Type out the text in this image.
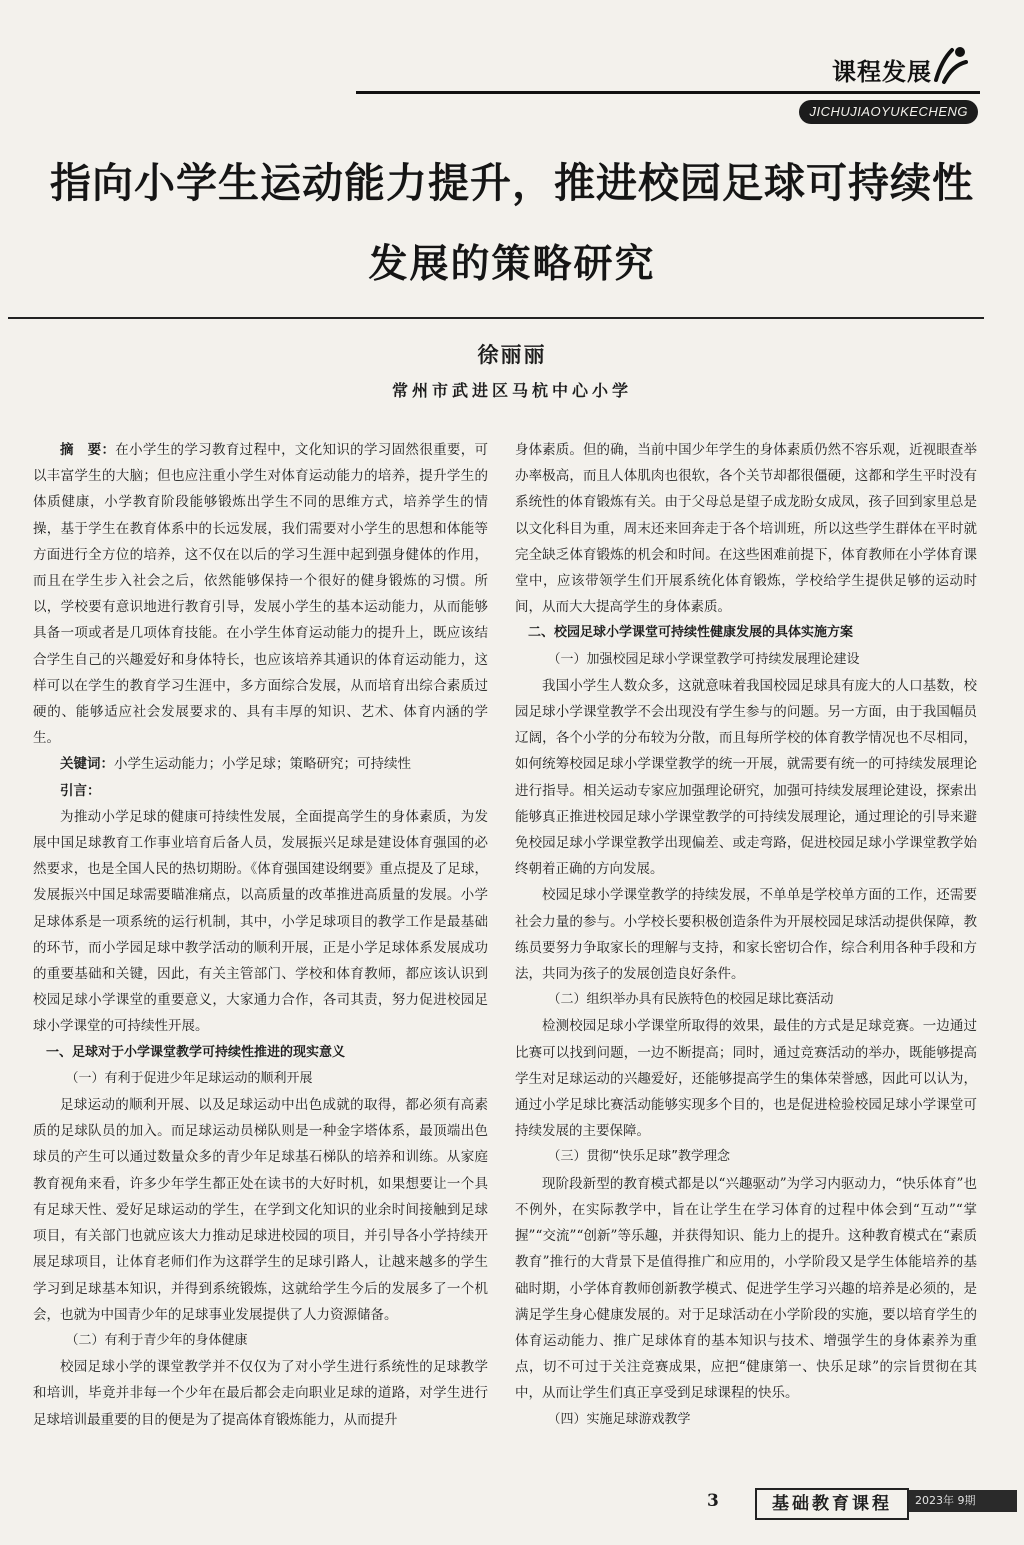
课程发展
JICHUJIAOYUKECHENG
指向小学生运动能力提升，推进校园足球可持续性
发展的策略研究
徐丽丽
常州市武进区马杭中心小学

摘　要：在小学生的学习教育过程中，文化知识的学习固然很重要，可以丰富学生的大脑；但也应注重小学生对体育运动能力的培养，提升学生的体质健康，小学教育阶段能够锻炼出学生不同的思维方式，培养学生的情操，基于学生在教育体系中的长远发展，我们需要对小学生的思想和体能等方面进行全方位的培养，这不仅在以后的学习生涯中起到强身健体的作用，而且在学生步入社会之后，依然能够保持一个很好的健身锻炼的习惯。所以，学校要有意识地进行教育引导，发展小学生的基本运动能力，从而能够具备一项或者是几项体育技能。在小学生体育运动能力的提升上，既应该结合学生自己的兴趣爱好和身体特长，也应该培养其通识的体育运动能力，这样可以在学生的教育学习生涯中，多方面综合发展，从而培育出综合素质过硬的、能够适应社会发展要求的、具有丰厚的知识、艺术、体育内涵的学生。

关键词：小学生运动能力；小学足球；策略研究；可持续性

引言：

为推动小学足球的健康可持续性发展，全面提高学生的身体素质，为发展中国足球教育工作事业培育后备人员，发展振兴足球是建设体育强国的必然要求，也是全国人民的热切期盼。《体育强国建设纲要》重点提及了足球，发展振兴中国足球需要瞄准痛点，以高质量的改革推进高质量的发展。小学足球体系是一项系统的运行机制，其中，小学足球项目的教学工作是最基础的环节，而小学园足球中教学活动的顺利开展，正是小学足球体系发展成功的重要基础和关键，因此，有关主管部门、学校和体育教师，都应该认识到校园足球小学课堂的重要意义，大家通力合作，各司其责，努力促进校园足球小学课堂的可持续性开展。

一、足球对于小学课堂教学可持续性推进的现实意义
（一）有利于促进少年足球运动的顺利开展

足球运动的顺利开展、以及足球运动中出色成就的取得，都必须有高素质的足球队员的加入。而足球运动员梯队则是一种金字塔体系，最顶端出色球员的产生可以通过数量众多的青少年足球基石梯队的培养和训练。从家庭教育视角来看，许多少年学生都正处在读书的大好时机，如果想要让一个具有足球天性、爱好足球运动的学生，在学到文化知识的业余时间接触到足球项目，有关部门也就应该大力推动足球进校园的项目，并引导各小学持续开展足球项目，让体育老师们作为这群学生的足球引路人，让越来越多的学生学习到足球基本知识，并得到系统锻炼，这就给学生今后的发展多了一个机会，也就为中国青少年的足球事业发展提供了人力资源储备。

（二）有利于青少年的身体健康

校园足球小学的课堂教学并不仅仅为了对小学生进行系统性的足球教学和培训，毕竟并非每一个少年在最后都会走向职业足球的道路，对学生进行足球培训最重要的目的便是为了提高体育锻炼能力，从而提升

身体素质。但的确，当前中国少年学生的身体素质仍然不容乐观，近视眼查举办率极高，而且人体肌肉也很软，各个关节却都很僵硬，这都和学生平时没有系统性的体育锻炼有关。由于父母总是望子成龙盼女成凤，孩子回到家里总是以文化科目为重，周末还来回奔走于各个培训班，所以这些学生群体在平时就完全缺乏体育锻炼的机会和时间。在这些困难前提下，体育教师在小学体育课堂中，应该带领学生们开展系统化体育锻炼，学校给学生提供足够的运动时间，从而大大提高学生的身体素质。

二、校园足球小学课堂可持续性健康发展的具体实施方案
（一）加强校园足球小学课堂教学可持续发展理论建设

我国小学生人数众多，这就意味着我国校园足球具有庞大的人口基数，校园足球小学课堂教学不会出现没有学生参与的问题。另一方面，由于我国幅员辽阔，各个小学的分布较为分散，而且每所学校的体育教学情况也不尽相同，如何统筹校园足球小学课堂教学的统一开展，就需要有统一的可持续发展理论进行指导。相关运动专家应加强理论研究，加强可持续发展理论建设，探索出能够真正推进校园足球小学课堂教学的可持续发展理论，通过理论的引导来避免校园足球小学课堂教学出现偏差、或走弯路，促进校园足球小学课堂教学始终朝着正确的方向发展。

校园足球小学课堂教学的持续发展，不单单是学校单方面的工作，还需要社会力量的参与。小学校长要积极创造条件为开展校园足球活动提供保障，教练员要努力争取家长的理解与支持，和家长密切合作，综合利用各种手段和方法，共同为孩子的发展创造良好条件。

（二）组织举办具有民族特色的校园足球比赛活动

检测校园足球小学课堂所取得的效果，最佳的方式是足球竞赛。一边通过比赛可以找到问题，一边不断提高；同时，通过竞赛活动的举办，既能够提高学生对足球运动的兴趣爱好，还能够提高学生的集体荣誉感，因此可以认为，通过小学足球比赛活动能够实现多个目的，也是促进检验校园足球小学课堂可持续发展的主要保障。

（三）贯彻“快乐足球”教学理念

现阶段新型的教育模式都是以“兴趣驱动”为学习内驱动力，“快乐体育”也不例外，在实际教学中，旨在让学生在学习体育的过程中体会到“互动”“掌握”“交流”“创新”等乐趣，并获得知识、能力上的提升。这种教育模式在“素质教育”推行的大背景下是值得推广和应用的，小学阶段又是学生体能培养的基础时期，小学体育教师创新教学模式、促进学生学习兴趣的培养是必须的，是满足学生身心健康发展的。对于足球活动在小学阶段的实施，要以培育学生的体育运动能力、推广足球体育的基本知识与技术、增强学生的身体素养为重点，切不可过于关注竞赛成果，应把“健康第一、快乐足球”的宗旨贯彻在其中，从而让学生们真正享受到足球课程的快乐。

（四）实施足球游戏教学
3	基础教育课程	2023年 9期
